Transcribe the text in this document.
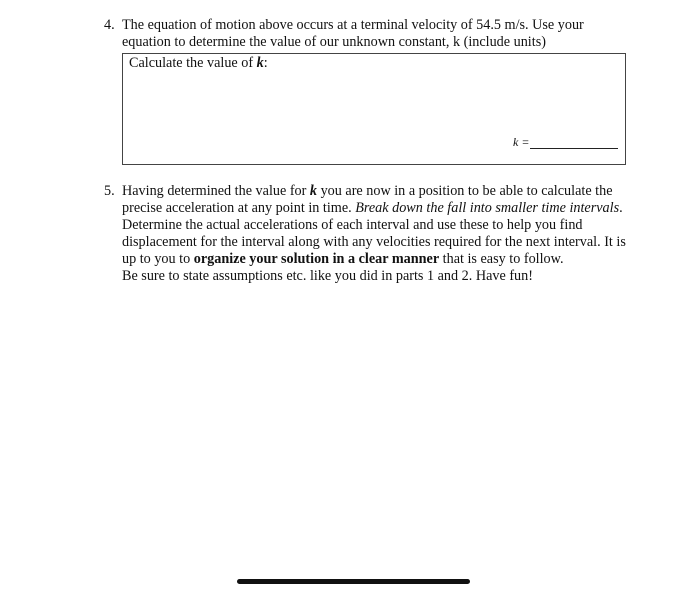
4. The equation of motion above occurs at a terminal velocity of 54.5 m/s. Use your
equation to determine the value of our unknown constant, k (include units)
Calculate the value of k:
k =
5. Having determined the value for k you are now in a position to be able to calculate the
precise acceleration at any point in time. Break down the fall into smaller time intervals.
Determine the actual accelerations of each interval and use these to help you find
displacement for the interval along with any velocities required for the next interval. It is
up to you to organize your solution in a clear manner that is easy to follow.
Be sure to state assumptions etc. like you did in parts 1 and 2. Have fun!
